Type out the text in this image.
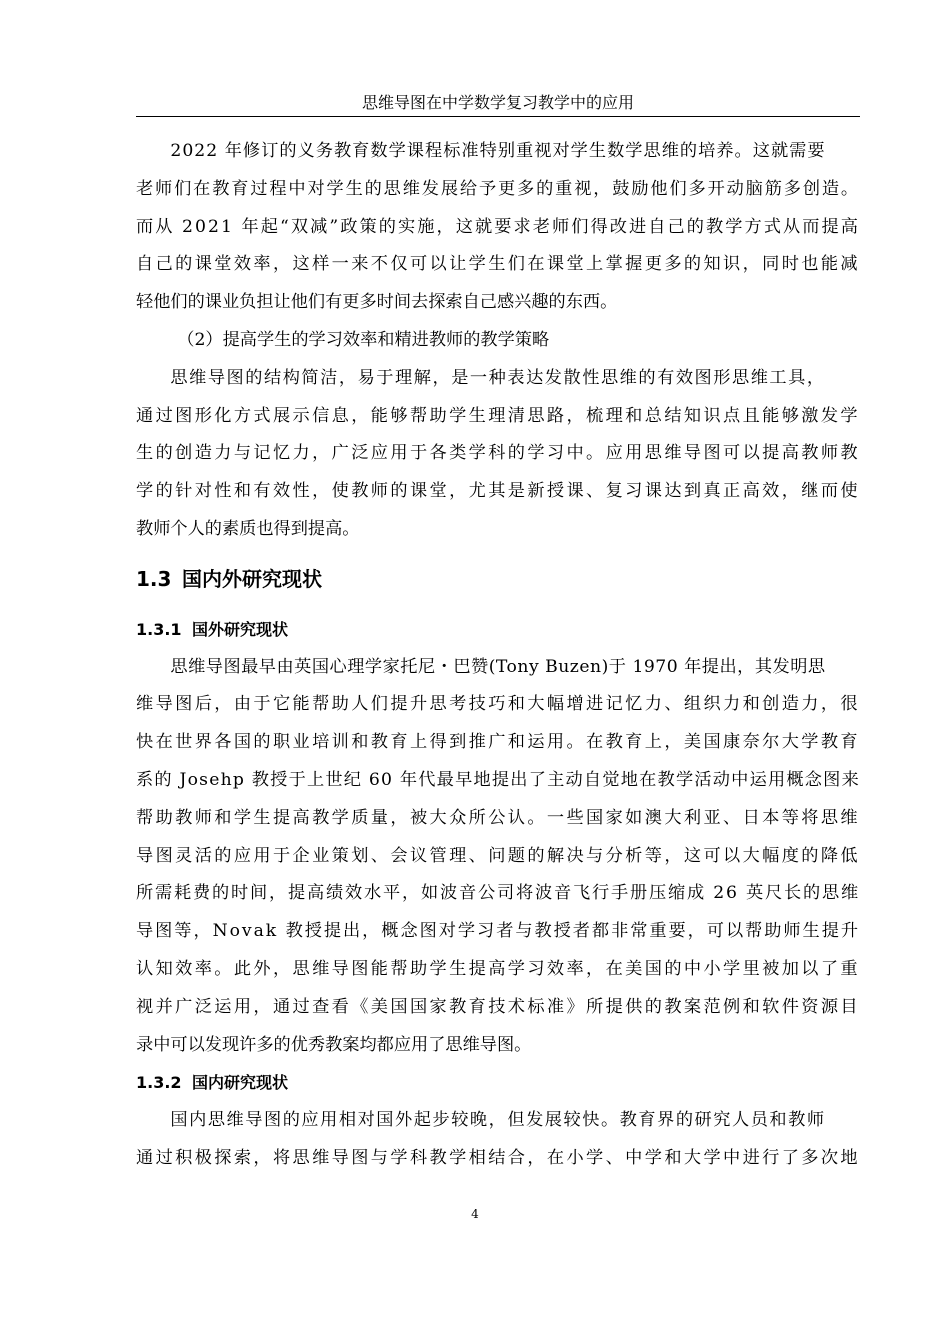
思维导图在中学数学复习教学中的应用

2022 年修订的义务教育数学课程标准特别重视对学生数学思维的培养。这就需要
老师们在教育过程中对学生的思维发展给予更多的重视，鼓励他们多开动脑筋多创造。
而从 2021 年起“双减”政策的实施，这就要求老师们得改进自己的教学方式从而提高
自己的课堂效率，这样一来不仅可以让学生们在课堂上掌握更多的知识，同时也能减
轻他们的课业负担让他们有更多时间去探索自己感兴趣的东西。

（2）提高学生的学习效率和精进教师的教学策略

思维导图的结构简洁，易于理解，是一种表达发散性思维的有效图形思维工具，
通过图形化方式展示信息，能够帮助学生理清思路，梳理和总结知识点且能够激发学
生的创造力与记忆力，广泛应用于各类学科的学习中。应用思维导图可以提高教师教
学的针对性和有效性，使教师的课堂，尤其是新授课、复习课达到真正高效，继而使
教师个人的素质也得到提高。

1.3 国内外研究现状
1.3.1 国外研究现状

思维导图最早由英国心理学家托尼・巴赞(Tony Buzen)于 1970 年提出，其发明思
维导图后，由于它能帮助人们提升思考技巧和大幅增进记忆力、组织力和创造力，很
快在世界各国的职业培训和教育上得到推广和运用。在教育上，美国康奈尔大学教育
系的 Josehp 教授于上世纪 60 年代最早地提出了主动自觉地在教学活动中运用概念图来
帮助教师和学生提高教学质量，被大众所公认。一些国家如澳大利亚、日本等将思维
导图灵活的应用于企业策划、会议管理、问题的解决与分析等，这可以大幅度的降低
所需耗费的时间，提高绩效水平，如波音公司将波音飞行手册压缩成 26 英尺长的思维
导图等，Novak 教授提出，概念图对学习者与教授者都非常重要，可以帮助师生提升
认知效率。此外，思维导图能帮助学生提高学习效率，在美国的中小学里被加以了重
视并广泛运用，通过查看《美国国家教育技术标准》所提供的教案范例和软件资源目
录中可以发现许多的优秀教案均都应用了思维导图。

1.3.2 国内研究现状

国内思维导图的应用相对国外起步较晚，但发展较快。教育界的研究人员和教师
通过积极探索，将思维导图与学科教学相结合，在小学、中学和大学中进行了多次地

4
